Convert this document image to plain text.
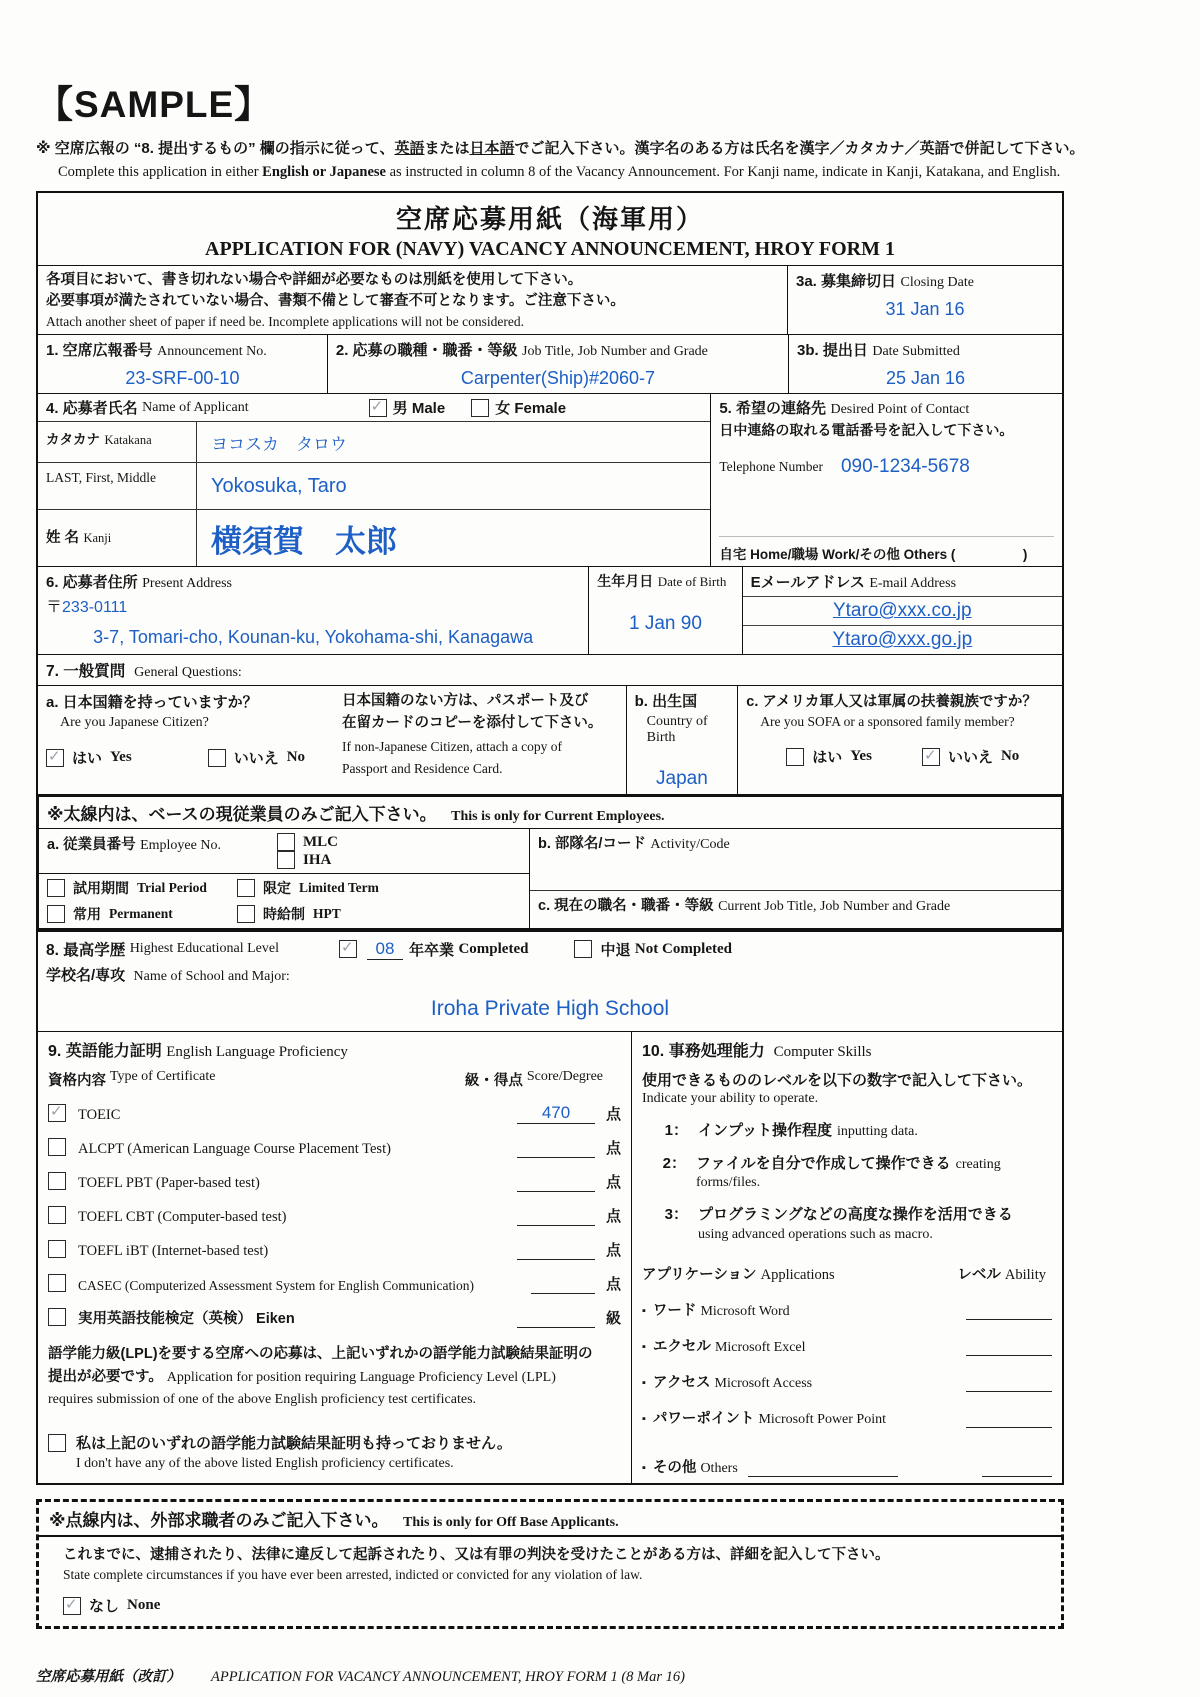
【SAMPLE】
※ 空席広報の “8. 提出するもの” 欄の指示に従って、英語または日本語でご記入下さい。漢字名のある方は氏名を漢字／カタカナ／英語で併記して下さい。
Complete this application in either English or Japanese as instructed in column 8 of the Vacancy Announcement. For Kanji name, indicate in Kanji, Katakana, and English.
空席応募用紙（海軍用）
APPLICATION FOR (NAVY) VACANCY ANNOUNCEMENT, HROY FORM 1
各項目において、書き切れない場合や詳細が必要なものは別紙を使用して下さい。
必要事項が満たされていない場合、書類不備として審査不可となります。ご注意下さい。
Attach another sheet of paper if need be. Incomplete applications will not be considered.
3a. 募集締切日 Closing Date
31 Jan 16
1. 空席広報番号 Announcement No.
23-SRF-00-10
2. 応募の職種・職番・等級 Job Title, Job Number and Grade
Carpenter(Ship)#2060-7
3b. 提出日 Date Submitted
25 Jan 16
4. 応募者氏名
Name of Applicant ✓	男 Male	女 Female
カタカナ Katakana	ヨコスカ　タロウ
LAST, First, Middle	Yokosuka, Taro
姓 名 Kanji	横須賀　太郎
5. 希望の連絡先 Desired Point of Contact
日中連絡の取れる電話番号を記入して下さい。
Telephone Number 090-1234-5678
自宅 Home/職場 Work/その他 Others (　　　　　)
6. 応募者住所 Present Address
〒233-0111
3-7, Tomari-cho, Kounan-ku, Yokohama-shi, Kanagawa
生年月日 Date of Birth
1 Jan 90
Eメールアドレス E-mail Address
Ytaro@xxx.co.jp
Ytaro@xxx.go.jp
7. 一般質問 General Questions:
a. 日本国籍を持っていますか？
Are you Japanese Citizen?
✓
はい Yes	いいえ No
日本国籍のない方は、パスポート及び
在留カードのコピーを添付して下さい。
If non-Japanese Citizen, attach a copy of
Passport and Residence Card.
b. 出生国
Country of Birth
Japan
c. アメリカ軍人又は軍属の扶養親族ですか？
Are you SOFA or a sponsored family member?
はい Yes ✓	いいえ No
※太線内は、ベースの現従業員のみご記入下さい。 This is only for Current Employees.
a. 従業員番号 Employee No.	MLC
IHA
試用期間 Trial Period	限定 Limited Term
常用 Permanent	時給制 HPT
b. 部隊名/コード Activity/Code
c. 現在の職名・職番・等級 Current Job Title, Job Number and Grade
8. 最高学歴
Highest Educational Level ✓	08 年卒業
Completed	中退
Not Completed
学校名/専攻 Name of School and Major:
Iroha Private High School
9. 英語能力証明 English Language Proficiency
資格内容
Type of Certificate	級・得点
Score/Degree
✓
TOEIC	470	点
ALCPT (American Language Course Placement Test)	点
TOEFL PBT (Paper-based test)	点
TOEFL CBT (Computer-based test)	点
TOEFL iBT (Internet-based test)	点
CASEC (Computerized Assessment System for English Communication)	点
実用英語技能検定（英検） Eiken	級
語学能力級(LPL)を要する空席への応募は、上記いずれかの語学能力試験結果証明の
提出が必要です。 Application for position requiring Language Proficiency Level (LPL)
requires submission of one of the above English proficiency test certificates.
私は上記のいずれの語学能力試験結果証明も持っておりません。
I don't have any of the above listed English proficiency certificates.
10. 事務処理能力 Computer Skills
使用できるもののレベルを以下の数字で記入して下さい。
Indicate your ability to operate.
1： インプット操作程度 inputting data.
2： ファイルを自分で作成して操作できる creating forms/files.
3： プログラミングなどの高度な操作を活用できる
using advanced operations such as macro.
アプリケーション Applications	レベル Ability
▪ ワード Microsoft Word
▪ エクセル Microsoft Excel
▪ アクセス Microsoft Access
▪ パワーポイント Microsoft Power Point
▪ その他 Others
※点線内は、外部求職者のみご記入下さい。 This is only for Off Base Applicants.
これまでに、逮捕されたり、法律に違反して起訴されたり、又は有罪の判決を受けたことがある方は、詳細を記入して下さい。
State complete circumstances if you have ever been arrested, indicted or convicted for any violation of law.
✓
なし None
空席応募用紙（改訂） APPLICATION FOR VACANCY ANNOUNCEMENT, HROY FORM 1 (8 Mar 16)
